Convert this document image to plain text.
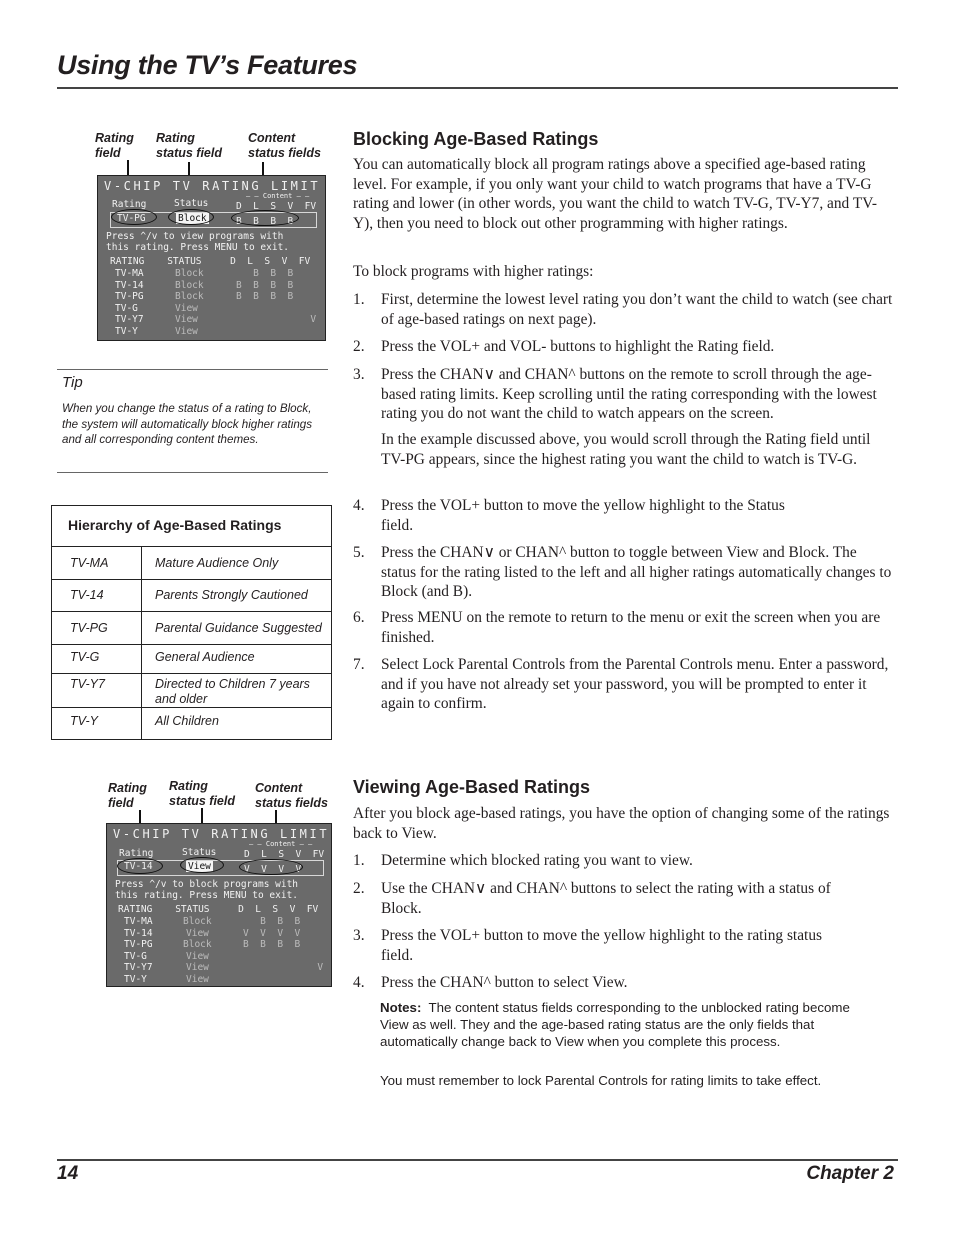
Using the TV’s Features
Rating
field
Rating
status field
Content
status fields
V-CHIP TV RATING LIMIT
– – Content – –
Rating	Status	D  L  S  V  FV
TV-PG	Block	B  B  B  B
Press ^/v to view programs with
this rating. Press MENU to exit.
RATING    STATUS     D  L  S  V  FV
TV-MA	Block	B  B  B
TV-14	Block	B  B  B  B
TV-PG	Block	B  B  B  B
TV-G	View
TV-Y7	View	V
TV-Y	View
Tip
When you change the status of a rating to Block, the system will automatically block higher ratings and all corresponding content themes.
Hierarchy of Age-Based Ratings
TV-MA	Mature Audience Only
TV-14	Parents Strongly Cautioned
TV-PG	Parental Guidance Suggested
TV-G	General Audience
TV-Y7	Directed to Children 7 years and older
TV-Y	All Children
Blocking Age-Based Ratings
You can automatically block all program ratings above a specified age-based rating level. For example, if you only want your child to watch programs that have a TV-G rating and lower (in other words, you want the child to watch TV-G, TV-Y7, and TV-Y), then you need to block out other programming with higher ratings.
To block programs with higher ratings:
1. First, determine the lowest level rating you don’t want the child to watch (see chart of age-based ratings on next page).
2. Press the VOL+ and VOL- buttons to highlight the Rating field.
3. Press the CHAN∨ and CHAN^ buttons on the remote to scroll through the age-based rating limits. Keep scrolling until the rating corresponding with the lowest rating you do not want the child to watch appears on the screen.
In the example discussed above, you would scroll through the Rating field until TV-PG appears, since the highest rating you want the child to watch is TV-G.
4. Press the VOL+ button to move the yellow highlight to the Status field.
5. Press the CHAN∨ or CHAN^ button to toggle between View and Block. The status for the rating listed to the left and all higher ratings automatically changes to Block (and B).
6. Press MENU on the remote to return to the menu or exit the screen when you are finished.
7. Select Lock Parental Controls from the Parental Controls menu. Enter a password, and if you have not already set your password, you will be prompted to enter it again to confirm.
Rating
field
Rating
status field
Content
status fields
V-CHIP TV RATING LIMIT
– – Content – –
Rating	Status	D  L  S  V  FV
TV-14	View	V  V  V  V
Press ^/v to block programs with
this rating. Press MENU to exit.
RATING    STATUS     D  L  S  V  FV
TV-MA	Block	B  B  B
TV-14	View	V  V  V  V
TV-PG	Block	B  B  B  B
TV-G	View
TV-Y7	View	V
TV-Y	View
Viewing Age-Based Ratings
After you block age-based ratings, you have the option of changing some of the ratings back to View.
1. Determine which blocked rating you want to view.
2. Use the CHAN∨ and CHAN^ buttons to select the rating with a status of Block.
3. Press the VOL+ button to move the yellow highlight to the rating status field.
4. Press the CHAN^ button to select View.
Notes: The content status fields corresponding to the unblocked rating become View as well. They and the age-based rating status are the only fields that automatically change back to View when you complete this process.
You must remember to lock Parental Controls for rating limits to take effect.
14	Chapter 2
